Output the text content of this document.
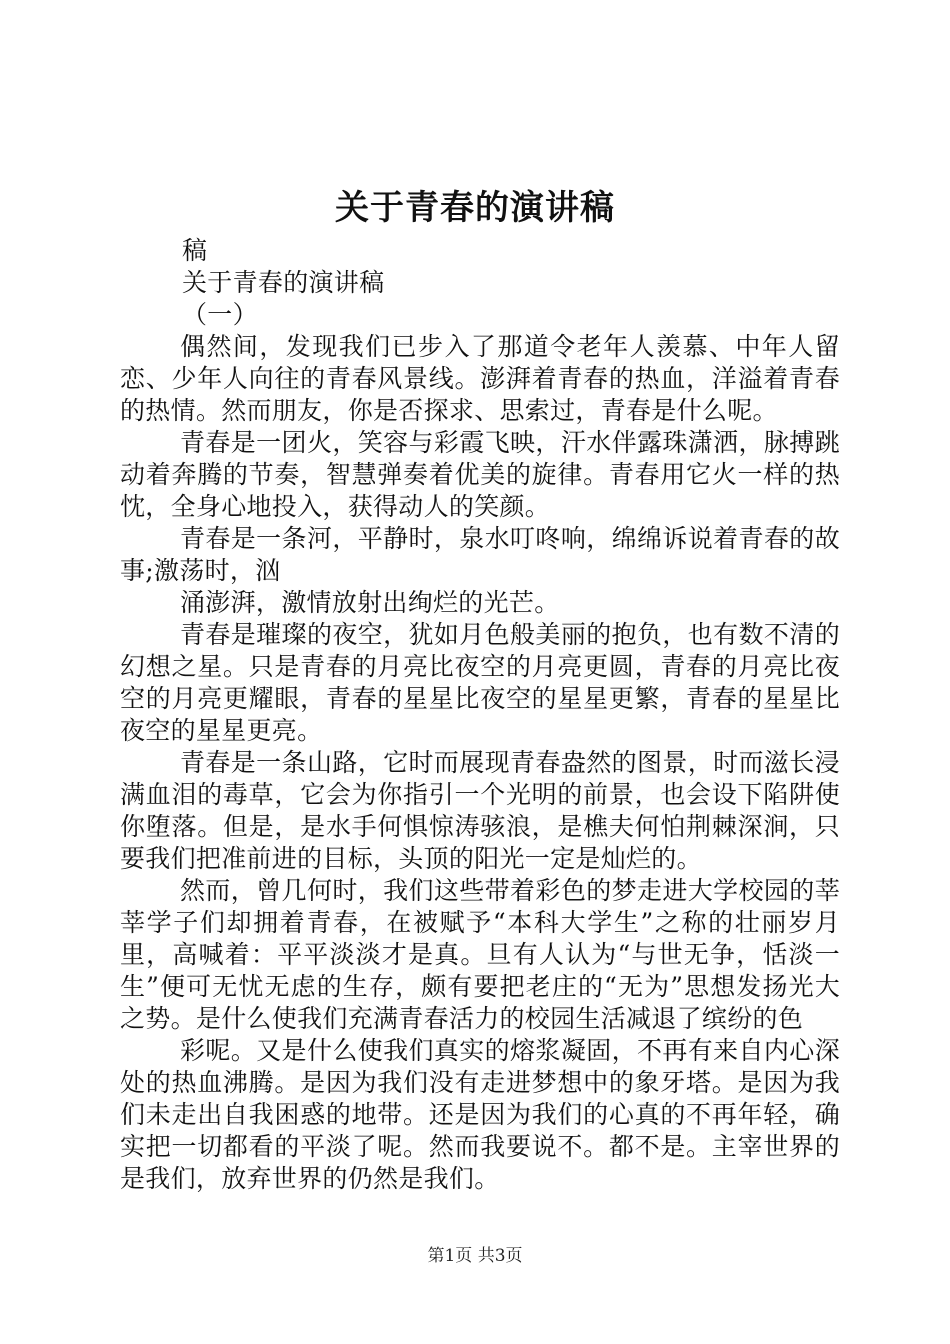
关于青春的演讲稿

稿

关于青春的演讲稿

（一）

偶然间，发现我们已步入了那道令老年人羡慕、中年人留恋、少年人向往的青春风景线。澎湃着青春的热血，洋溢着青春的热情。然而朋友，你是否探求、思索过，青春是什么呢。

青春是一团火，笑容与彩霞飞映，汗水伴露珠潇洒，脉搏跳动着奔腾的节奏，智慧弹奏着优美的旋律。青春用它火一样的热忱，全身心地投入，获得动人的笑颜。

青春是一条河，平静时，泉水叮咚响，绵绵诉说着青春的故事;激荡时，汹

涌澎湃，激情放射出绚烂的光芒。

青春是璀璨的夜空，犹如月色般美丽的抱负，也有数不清的幻想之星。只是青春的月亮比夜空的月亮更圆，青春的月亮比夜空的月亮更耀眼，青春的星星比夜空的星星更繁，青春的星星比夜空的星星更亮。

青春是一条山路，它时而展现青春盎然的图景，时而滋长浸满血泪的毒草，它会为你指引一个光明的前景，也会设下陷阱使你堕落。但是，是水手何惧惊涛骇浪，是樵夫何怕荆棘深涧，只要我们把准前进的目标，头顶的阳光一定是灿烂的。

然而，曾几何时，我们这些带着彩色的梦走进大学校园的莘莘学子们却拥着青春，在被赋予“本科大学生”之称的壮丽岁月里，高喊着：平平淡淡才是真。旦有人认为“与世无争，恬淡一生”便可无忧无虑的生存，颇有要把老庄的“无为”思想发扬光大之势。是什么使我们充满青春活力的校园生活减退了缤纷的色

彩呢。又是什么使我们真实的熔浆凝固，不再有来自内心深处的热血沸腾。是因为我们没有走进梦想中的象牙塔。是因为我们未走出自我困惑的地带。还是因为我们的心真的不再年轻，确实把一切都看的平淡了呢。然而我要说不。都不是。主宰世界的是我们，放弃世界的仍然是我们。

第1页 共3页
